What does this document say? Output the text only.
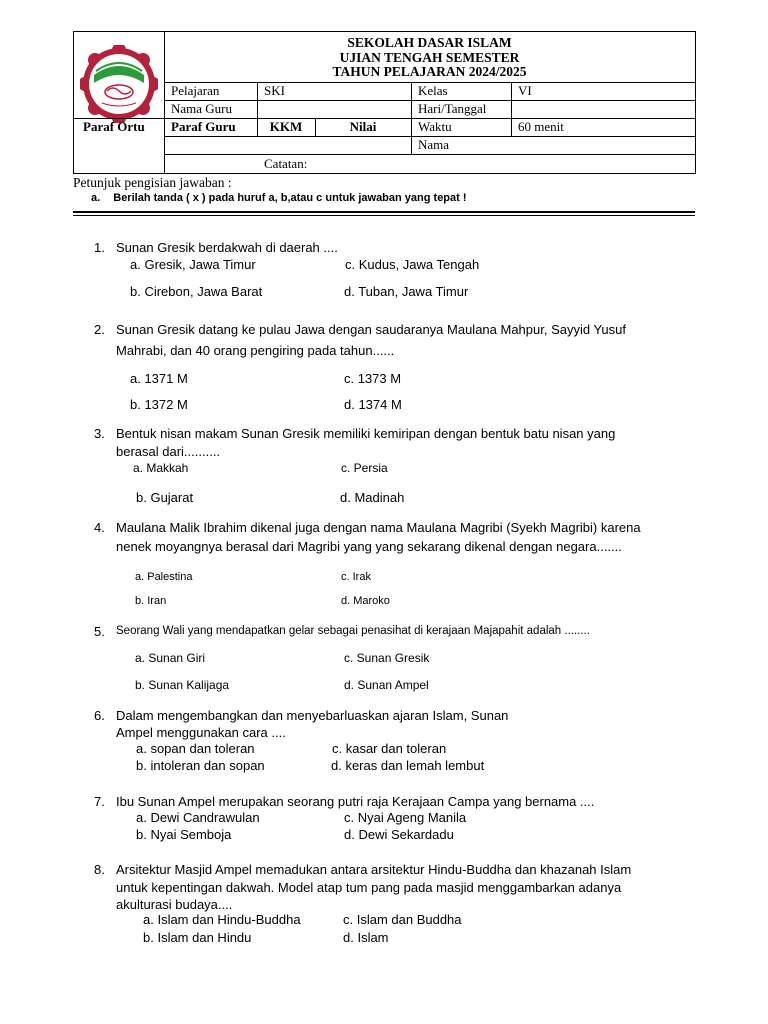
SEKOLAH DASAR ISLAM
UJIAN TENGAH SEMESTER
TAHUN PELAJARAN 2024/2025
Pelajaran	SKI	Kelas	VI
Nama Guru	Hari/Tanggal
Paraf Ortu	Paraf Guru	KKM	Nilai	Waktu	60 menit
Nama
Catatan:
Petunjuk pengisian jawaban :
a. Berilah tanda ( x ) pada huruf a, b,atau c untuk jawaban yang tepat !
1. Sunan Gresik berdakwah di daerah ....
a. Gresik, Jawa Timur	c. Kudus, Jawa Tengah
b. Cirebon, Jawa Barat	d. Tuban, Jawa Timur
2. Sunan Gresik datang ke pulau Jawa dengan saudaranya Maulana Mahpur, Sayyid Yusuf
Mahrabi, dan 40 orang pengiring pada tahun......
a. 1371 M	c. 1373 M
b. 1372 M	d. 1374 M
3. Bentuk nisan makam Sunan Gresik memiliki kemiripan dengan bentuk batu nisan yang
berasal dari..........
a. Makkah	c. Persia
b. Gujarat	d. Madinah
4. Maulana Malik Ibrahim dikenal juga dengan nama Maulana Magribi (Syekh Magribi) karena
nenek moyangnya berasal dari Magribi yang yang sekarang dikenal dengan negara.......
a. Palestina	c. Irak
b. Iran	d. Maroko
5. Seorang Wali yang mendapatkan gelar sebagai penasihat di kerajaan Majapahit adalah ........
a. Sunan Giri	c. Sunan Gresik
b. Sunan Kalijaga	d. Sunan Ampel
6. Dalam mengembangkan dan menyebarluaskan ajaran Islam, Sunan
Ampel menggunakan cara ....
a. sopan dan toleran	c. kasar dan toleran
b. intoleran dan sopan	d. keras dan lemah lembut
7. Ibu Sunan Ampel merupakan seorang putri raja Kerajaan Campa yang bernama ....
a. Dewi Candrawulan	c. Nyai Ageng Manila
b. Nyai Semboja	d. Dewi Sekardadu
8. Arsitektur Masjid Ampel memadukan antara arsitektur Hindu-Buddha dan khazanah Islam
untuk kepentingan dakwah. Model atap tum pang pada masjid menggambarkan adanya
akulturasi budaya....
a. Islam dan Hindu-Buddha	c. Islam dan Buddha
b. Islam dan Hindu	d. Islam
